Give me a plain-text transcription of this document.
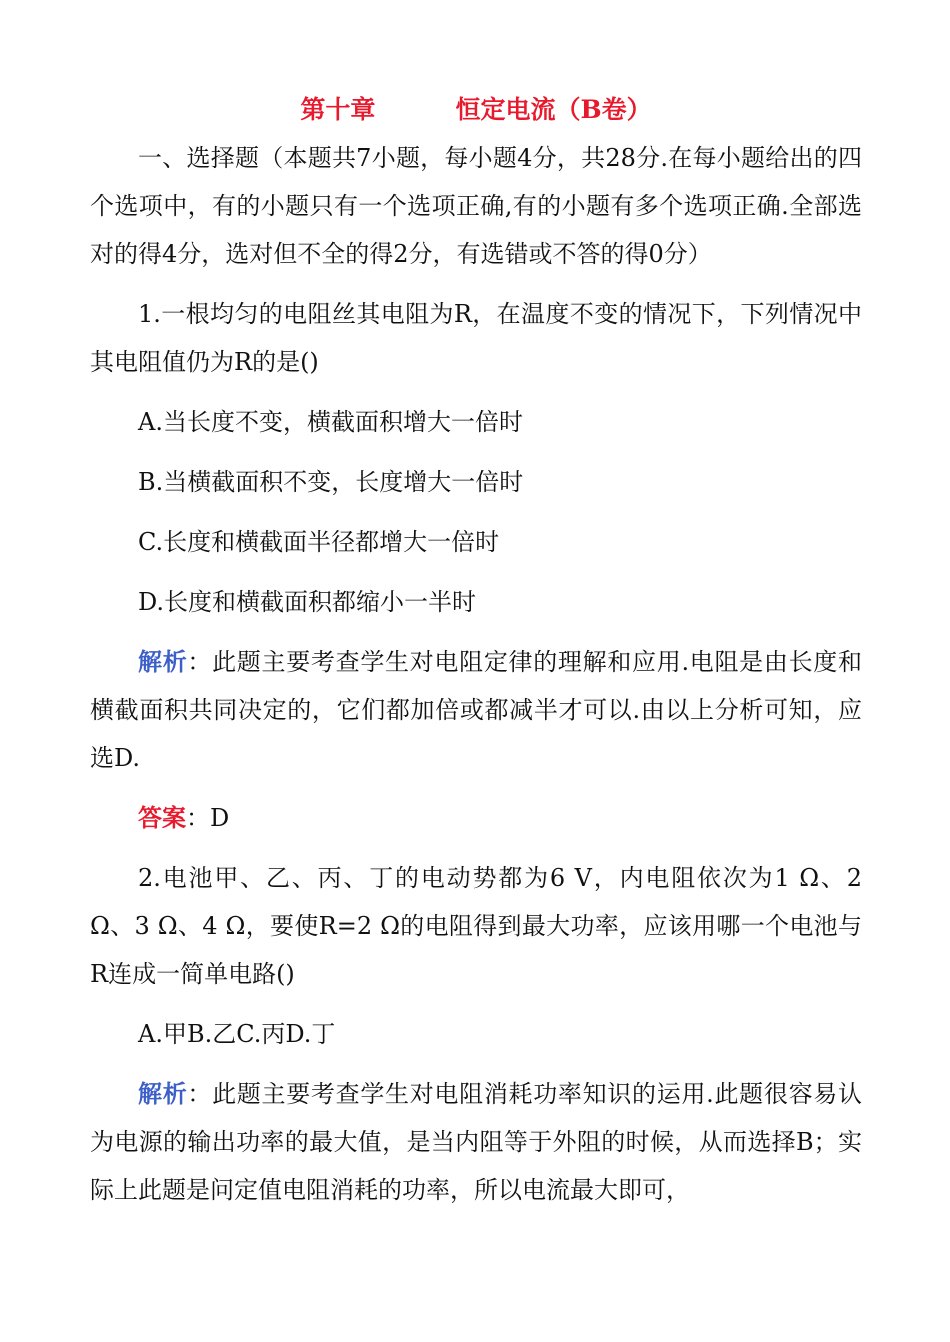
第十章	恒定电流（B卷）

一、选择题（本题共7小题，每小题4分，共28分.在每小题给出的四个选项中，有的小题只有一个选项正确,有的小题有多个选项正确.全部选对的得4分，选对但不全的得2分，有选错或不答的得0分）

1.一根均匀的电阻丝其电阻为R，在温度不变的情况下，下列情况中其电阻值仍为R的是()

A.当长度不变，横截面积增大一倍时

B.当横截面积不变，长度增大一倍时

C.长度和横截面半径都增大一倍时

D.长度和横截面积都缩小一半时

解析：此题主要考查学生对电阻定律的理解和应用.电阻是由长度和横截面积共同决定的，它们都加倍或都减半才可以.由以上分析可知，应选D.

答案：D

2.电池甲、乙、丙、丁的电动势都为6 V，内电阻依次为1 Ω、2 Ω、3 Ω、4 Ω，要使R=2 Ω的电阻得到最大功率，应该用哪一个电池与R连成一简单电路()

A.甲B.乙C.丙D.丁

解析：此题主要考查学生对电阻消耗功率知识的运用.此题很容易认为电源的输出功率的最大值，是当内阻等于外阻的时候，从而选择B；实际上此题是问定值电阻消耗的功率，所以电流最大即可，
